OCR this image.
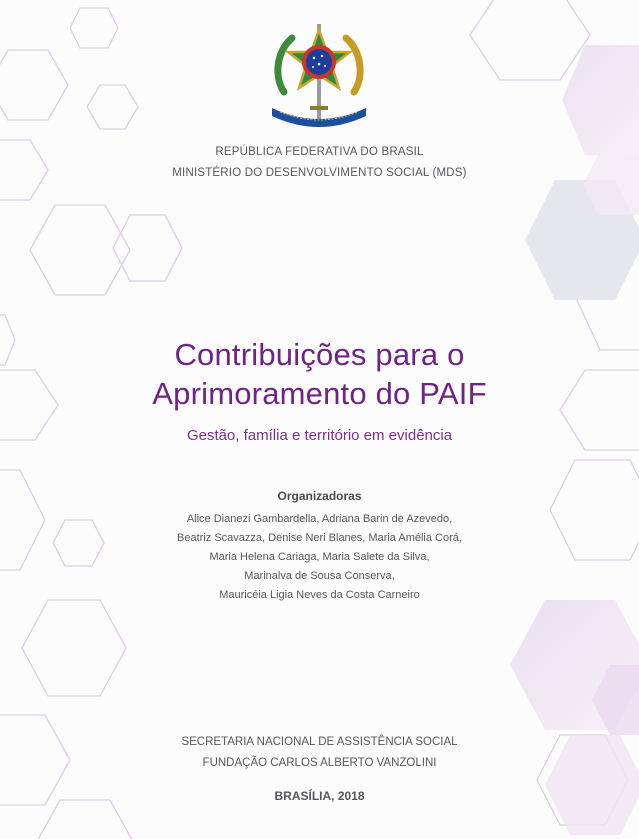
REPÚBLICA FEDERATIVA DO BRASIL

MINISTÉRIO DO DESENVOLVIMENTO SOCIAL (MDS)

Contribuições para o
Aprimoramento do PAIF

Gestão, família e território em evidência

Organizadoras

Alice Dianezi Gambardella, Adriana Barin de Azevedo,
Beatriz Scavazza, Denise Neri Blanes, Maria Amélia Corá,
Maria Helena Cariaga, Maria Salete da Silva,
Marinalva de Sousa Conserva,
Mauricéia Ligia Neves da Costa Carneiro

SECRETARIA NACIONAL DE ASSISTÊNCIA SOCIAL

FUNDAÇÃO CARLOS ALBERTO VANZOLINI

BRASÍLIA, 2018
